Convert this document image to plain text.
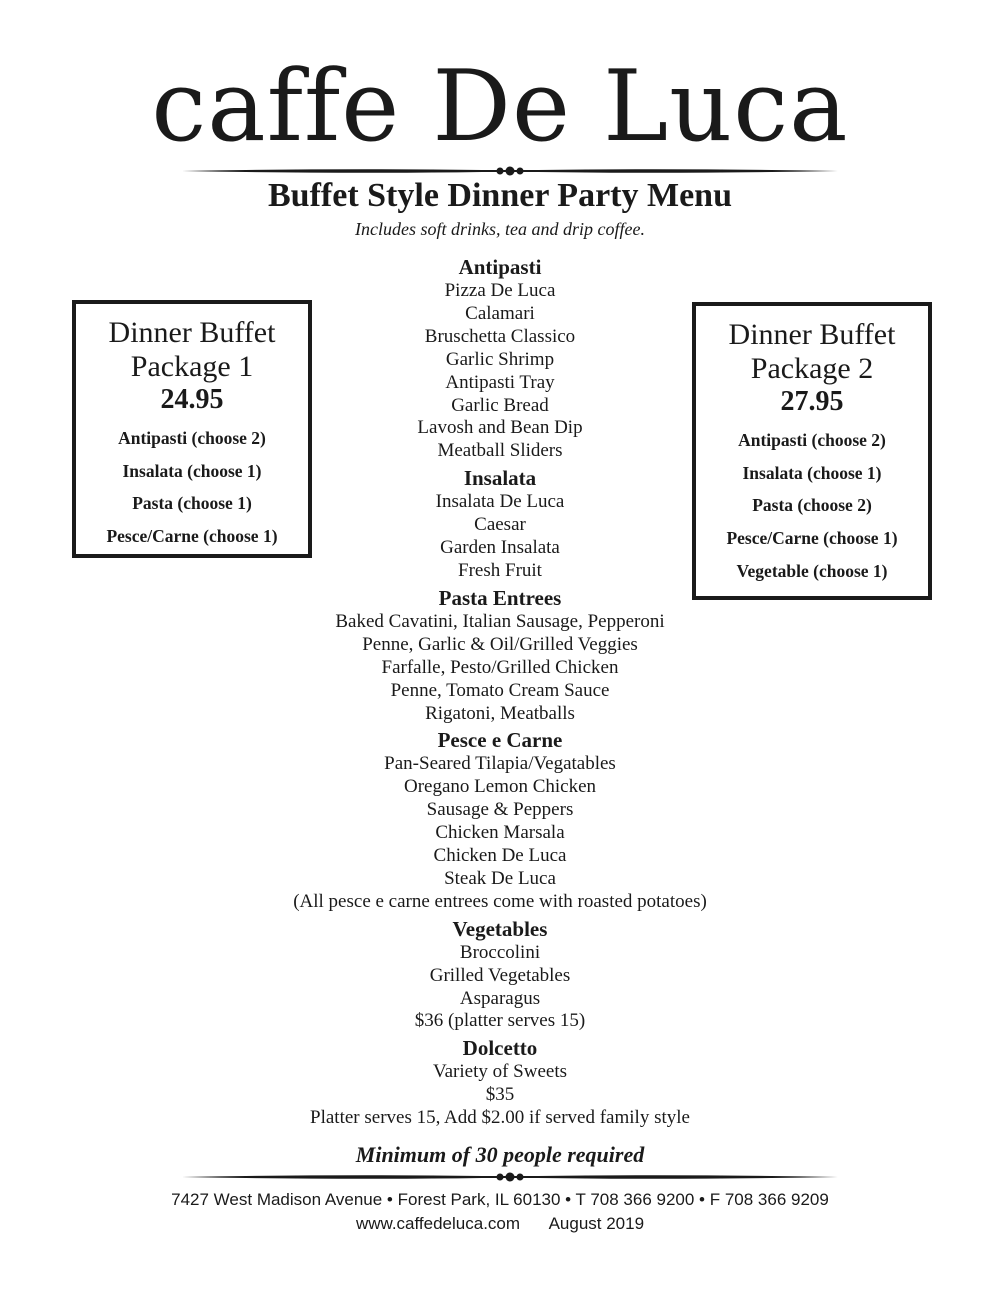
caffe De Luca
Buffet Style Dinner Party Menu
Includes soft drinks, tea and drip coffee.
Dinner Buffet
Package 1
24.95
Antipasti (choose 2)
Insalata (choose 1)
Pasta (choose 1)
Pesce/Carne (choose 1)
Dinner Buffet
Package 2
27.95
Antipasti (choose 2)
Insalata (choose 1)
Pasta (choose 2)
Pesce/Carne (choose 1)
Vegetable (choose 1)
Antipasti
Pizza De Luca
Calamari
Bruschetta Classico
Garlic Shrimp
Antipasti Tray
Garlic Bread
Lavosh and Bean Dip
Meatball Sliders
Insalata
Insalata De Luca
Caesar
Garden Insalata
Fresh Fruit
Pasta Entrees
Baked Cavatini, Italian Sausage, Pepperoni
Penne, Garlic & Oil/Grilled Veggies
Farfalle, Pesto/Grilled Chicken
Penne, Tomato Cream Sauce
Rigatoni, Meatballs
Pesce e Carne
Pan-Seared Tilapia/Vegatables
Oregano Lemon Chicken
Sausage & Peppers
Chicken Marsala
Chicken De Luca
Steak De Luca
(All pesce e carne entrees come with roasted potatoes)
Vegetables
Broccolini
Grilled Vegetables
Asparagus
$36 (platter serves 15)
Dolcetto
Variety of Sweets
$35
Platter serves 15, Add $2.00 if served family style
Minimum of 30 people required
7427 West Madison Avenue • Forest Park, IL 60130 • T 708 366 9200 • F 708 366 9209
www.caffedeluca.com August 2019
